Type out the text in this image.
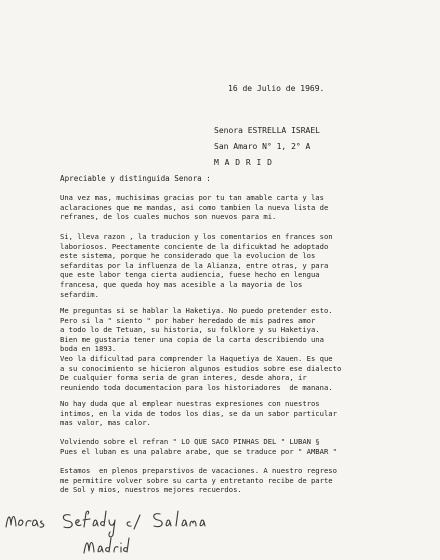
16 de Julio de 1969.
Senora ESTRELLA ISRAEL
San Amaro N° 1, 2° A
M A D R I D
Apreciable y distinguida Senora :
Una vez mas, muchisimas gracias por tu tan amable carta y las
aclaraciones que me mandas, asi como tambien la nueva lista de
refranes, de los cuales muchos son nuevos para mi.
Si, lleva razon , la traducion y los comentarios en frances son
laboriosos. Peectamente conciente de la dificuktad he adoptado
este sistema, porque he considerado que la evolucion de los
sefarditas por la influenza de la Alianza, entre otras, y para
que este labor tenga cierta audiencia, fuese hecho en lengua
francesa, que queda hoy mas acesible a la mayoria de los
sefardim.
Me preguntas si se hablar la Haketiya. No puedo pretender esto.
Pero si la " siento " por haber heredado de mis padres amor
a todo lo de Tetuan, su historia, su folklore y su Haketiya.
Bien me gustaria tener una copia de la carta describiendo una
boda en 1893.
Veo la dificultad para comprender la Haquetiya de Xauen. Es que
a su conocimiento se hicieron algunos estudios sobre ese dialecto
De cualquier forma seria de gran interes, desde ahora, ir
reuniendo toda documentacion para los historiadores  de manana.
No hay duda que al emplear nuestras expresiones con nuestros
intimos, en la vida de todos los dias, se da un sabor particular
mas valor, mas calor.
Volviendo sobre el refran " LO QUE SACO PINHAS DEL " LUBAN §
Pues el luban es una palabre arabe, que se traduce por " AMBAR "
Estamos  en plenos preparstivos de vacaciones. A nuestro regreso
me permitire volver sobre su carta y entretanto recibe de parte
de Sol y mios, nuestros mejores recuerdos.
